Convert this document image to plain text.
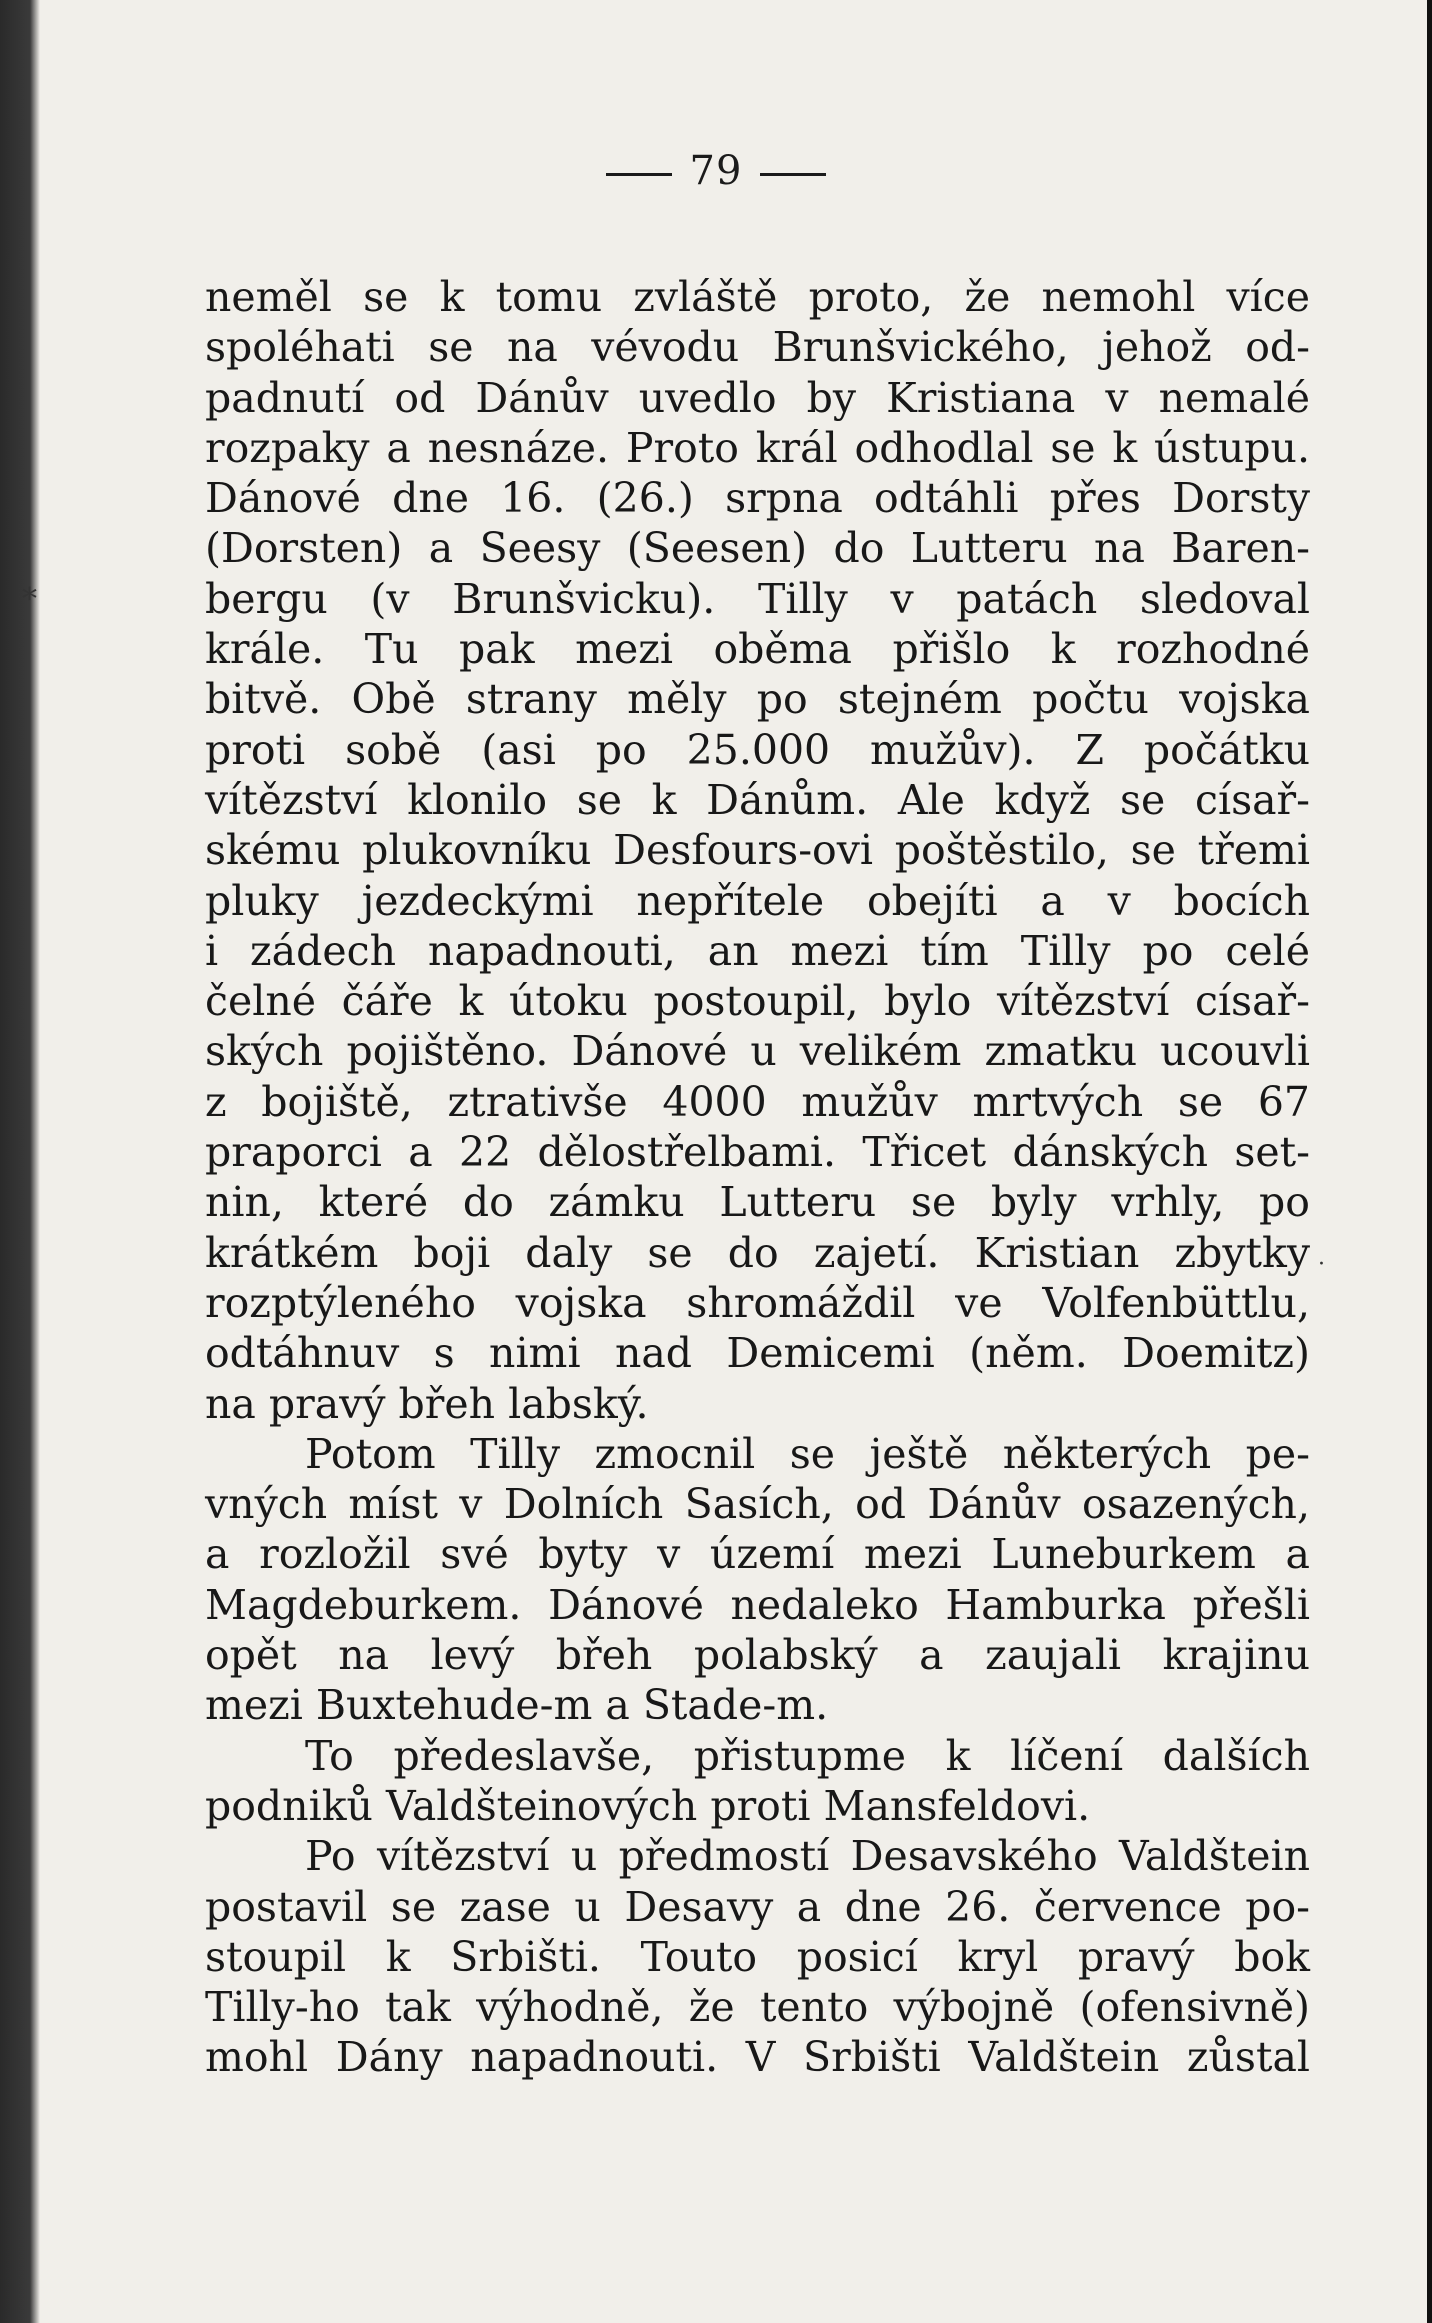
79
neměl se k tomu zvláště proto, že nemohl více
spoléhati se na vévodu Brunšvického, jehož od-
padnutí od Dánův uvedlo by Kristiana v nemalé
rozpaky a nesnáze. Proto král odhodlal se k ústupu.
Dánové dne 16. (26.) srpna odtáhli přes Dorsty
(Dorsten) a Seesy (Seesen) do Lutteru na Baren-
bergu (v Brunšvicku). Tilly v patách sledoval
krále. Tu pak mezi oběma přišlo k rozhodné
bitvě. Obě strany měly po stejném počtu vojska
proti sobě (asi po 25.000 mužův). Z počátku
vítězství klonilo se k Dánům. Ale když se císař-
skému plukovníku Desfours-ovi poštěstilo, se třemi
pluky jezdeckými nepřítele obejíti a v bocích
i zádech napadnouti, an mezi tím Tilly po celé
čelné čáře k útoku postoupil, bylo vítězství císař-
ských pojištěno. Dánové u velikém zmatku ucouvli
z bojiště, ztrativše 4000 mužův mrtvých se 67
praporci a 22 dělostřelbami. Třicet dánských set-
nin, které do zámku Lutteru se byly vrhly, po
krátkém boji daly se do zajetí. Kristian zbytky
rozptýleného vojska shromáždil ve Volfenbüttlu,
odtáhnuv s nimi nad Demicemi (něm. Doemitz)
na pravý břeh labský.
Potom Tilly zmocnil se ještě některých pe-
vných míst v Dolních Sasích, od Dánův osazených,
a rozložil své byty v území mezi Luneburkem a
Magdeburkem. Dánové nedaleko Hamburka přešli
opět na levý břeh polabský a zaujali krajinu
mezi Buxtehude-m a Stade-m.
To předeslavše, přistupme k líčení dalších
podniků Valdšteinových proti Mansfeldovi.
Po vítězství u předmostí Desavského Valdštein
postavil se zase u Desavy a dne 26. července po-
stoupil k Srbišti. Touto posicí kryl pravý bok
Tilly-ho tak výhodně, že tento výbojně (ofensivně)
mohl Dány napadnouti. V Srbišti Valdštein zůstal
*
·
